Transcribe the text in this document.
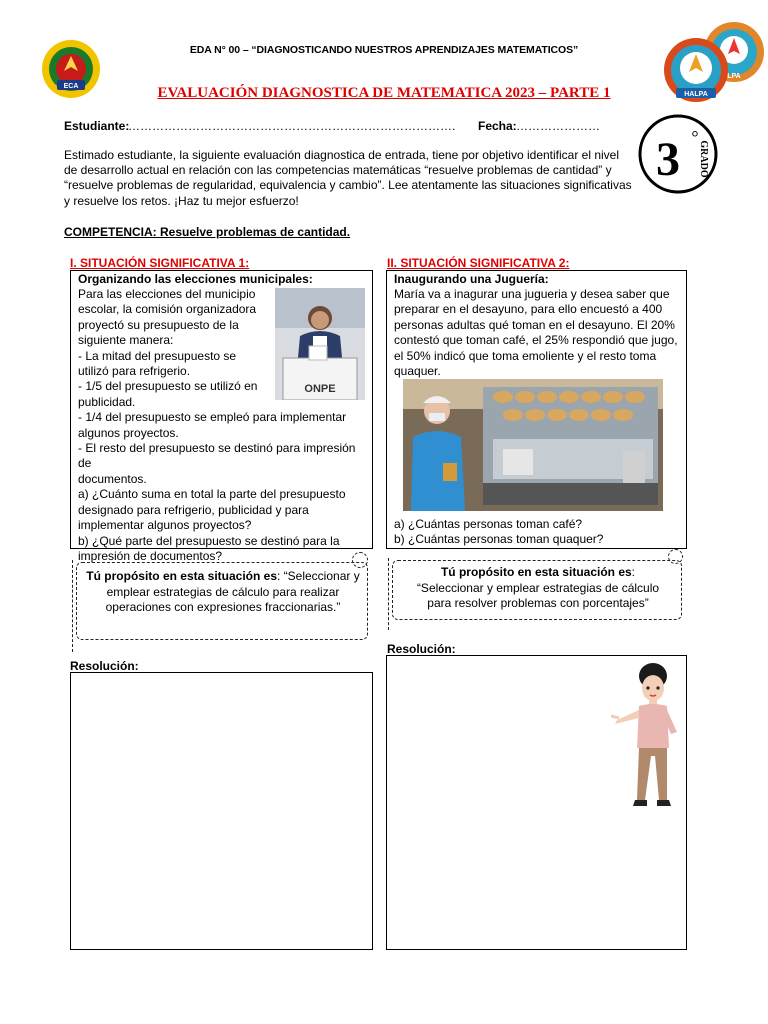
ECA
EDA N° 00 – “DIAGNOSTICANDO NUESTROS APRENDIZAJES MATEMATICOS”
LPA
HALPA
EVALUACIÓN DIAGNOSTICA DE MATEMATICA 2023 – PARTE 1
Estudiante:
………………………………………………………………………. Fecha: …………………
3 °
GRADO
Estimado estudiante, la siguiente evaluación diagnostica de entrada, tiene por objetivo identificar el nivel de desarrollo actual en relación con las competencias matemáticas “resuelve problemas de cantidad” y “resuelve problemas de regularidad, equivalencia y cambio”. Lee atentamente las situaciones significativas y resuelve los retos. ¡Haz tu mejor esfuerzo!
COMPETENCIA: Resuelve problemas de cantidad.
I. SITUACIÓN SIGNIFICATIVA 1:
Organizando las elecciones municipales:
ONPE
Para las elecciones del municipio
escolar, la comisión organizadora
proyectó su presupuesto de la
siguiente manera:
- La mitad del presupuesto se
utilizó para refrigerio.
- 1/5 del presupuesto se utilizó en
publicidad.
- 1/4 del presupuesto se empleó para implementar
algunos proyectos.
- El resto del presupuesto se destinó para impresión de
documentos.
a) ¿Cuánto suma en total la parte del presupuesto
designado para refrigerio, publicidad y para
implementar algunos proyectos?
b) ¿Qué parte del presupuesto se destinó para la
impresión de documentos?
Tú propósito en esta situación es: “Seleccionar y
emplear estrategias de cálculo para realizar
operaciones con expresiones fraccionarias.”
Resolución:
II. SITUACIÓN SIGNIFICATIVA 2:
Inaugurando una Juguería:
María va a inagurar una jugueria y desea saber que
preparar en el desayuno, para ello encuestó a 400
personas adultas qué toman en el desayuno. El 20%
contestó que toman café, el 25% respondió que jugo,
el 50% indicó que toma emoliente y el resto toma
quaquer.
a) ¿Cuántas personas toman café?
b) ¿Cuántas personas toman quaquer?
Tú propósito en esta situación es:
“Seleccionar y emplear estrategias de cálculo
para resolver problemas con porcentajes”
Resolución:
